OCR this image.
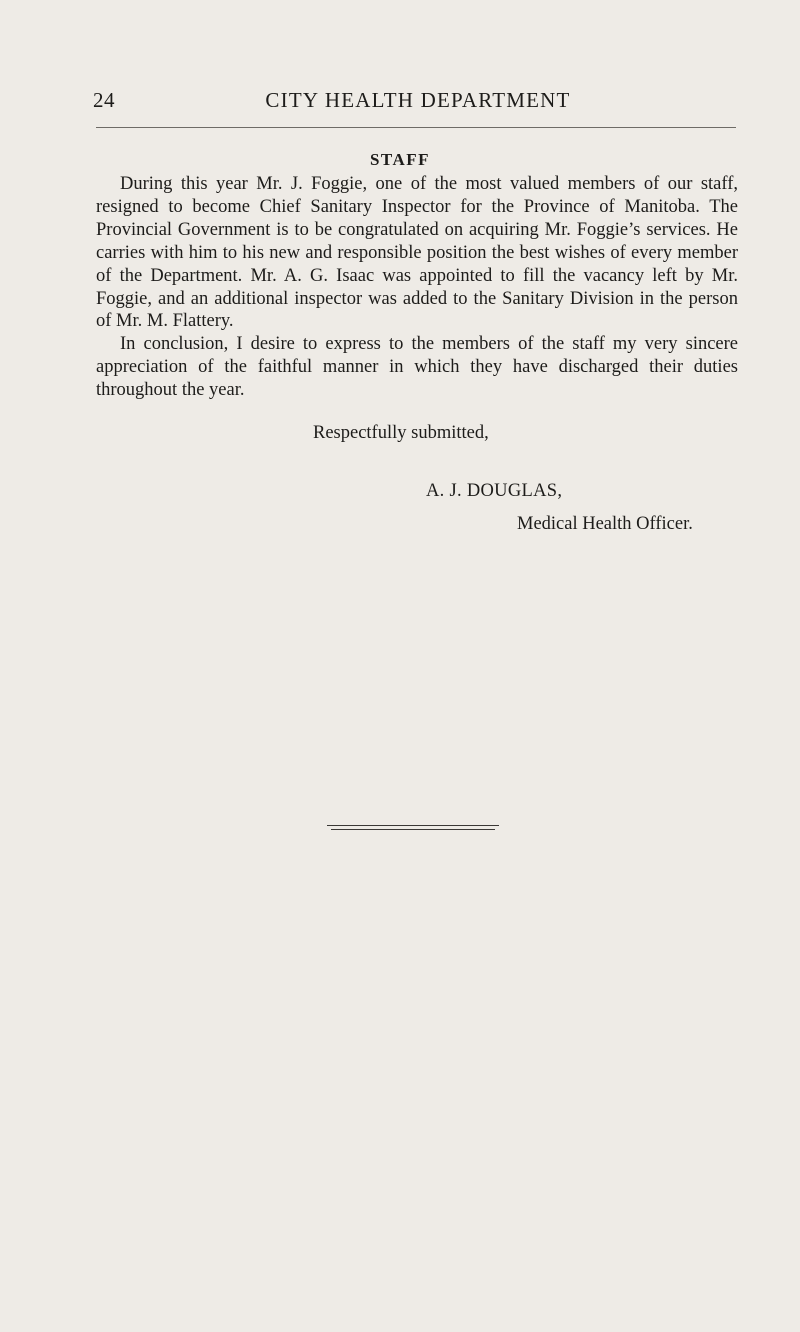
24	CITY HEALTH DEPARTMENT
STAFF

During this year Mr. J. Foggie, one of the most valued members of our staff, resigned to become Chief Sanitary Inspector for the Province of Manitoba. The Provincial Government is to be congratulated on acquiring Mr. Foggie’s services. He carries with him to his new and responsible position the best wishes of every member of the Department. Mr. A. G. Isaac was appointed to fill the vacancy left by Mr. Foggie, and an additional inspector was added to the Sanitary Division in the person of Mr. M. Flattery.

In conclusion, I desire to express to the members of the staff my very sincere appreciation of the faithful manner in which they have discharged their duties throughout the year.

Respectfully submitted,
A. J. DOUGLAS,
Medical Health Officer.
